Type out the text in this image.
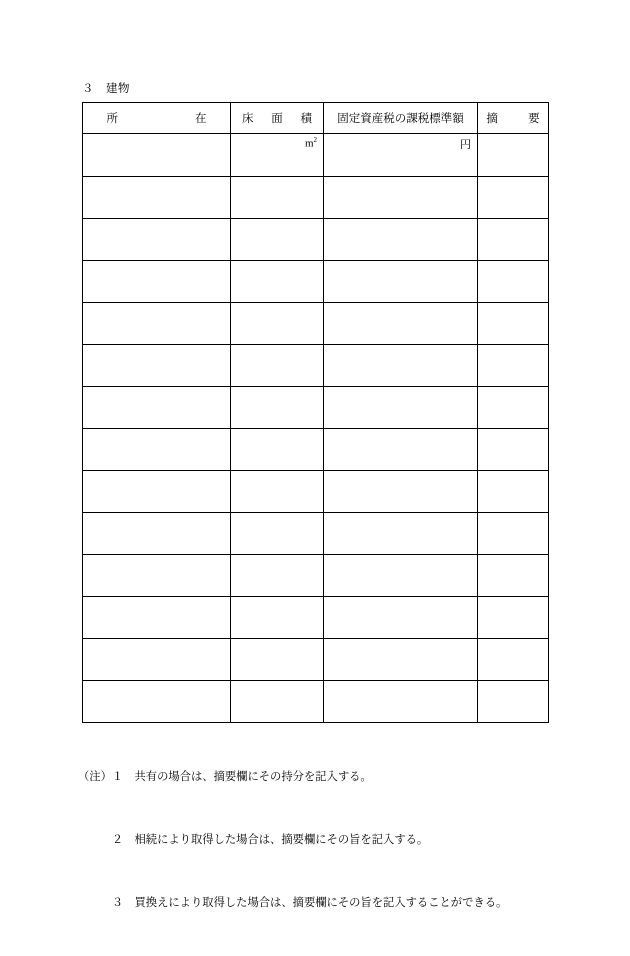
３　建物
所 在	床 面 積	固定資産税の課税標準額	摘 要

	$m^2$	円	

（注）１　共有の場合は、摘要欄にその持分を記入する。

　　　２　相続により取得した場合は、摘要欄にその旨を記入する。

　　　３　買換えにより取得した場合は、摘要欄にその旨を記入することができる。
